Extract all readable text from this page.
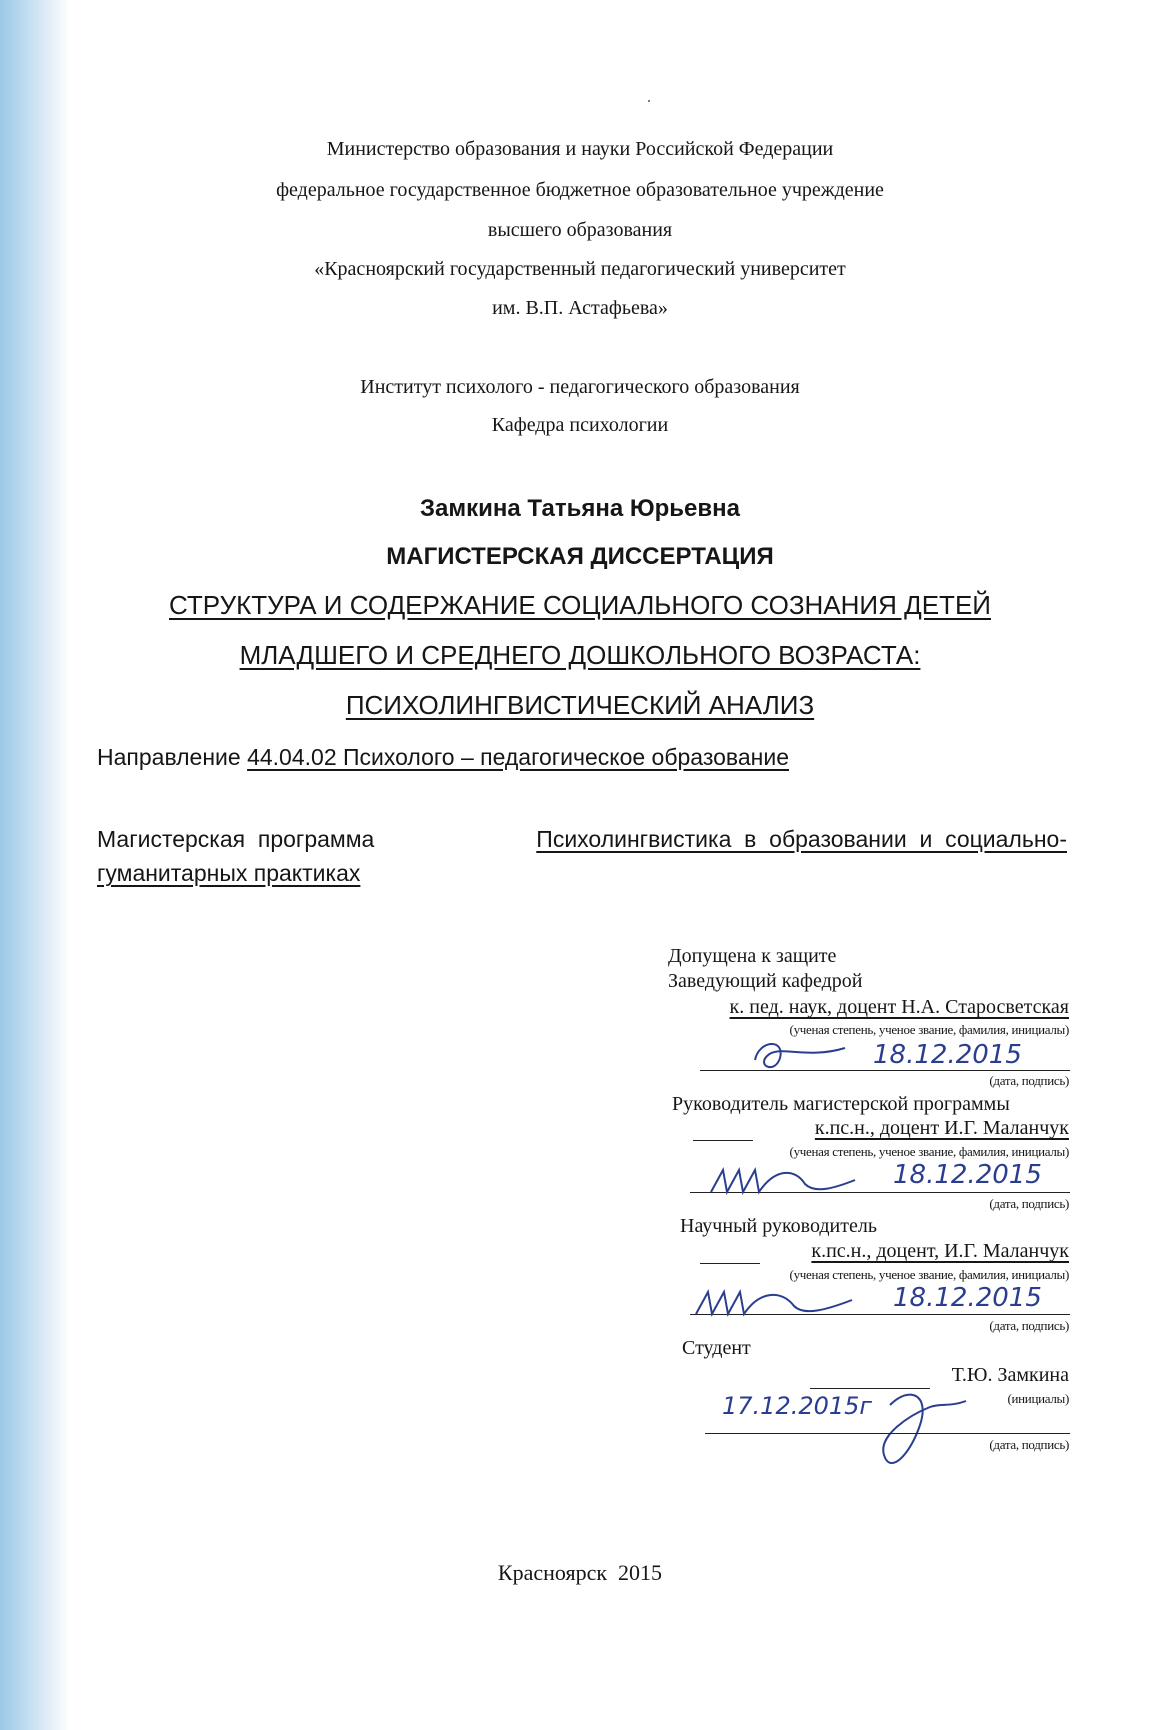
Министерство образования и науки Российской Федерации
федеральное государственное бюджетное образовательное учреждение
высшего образования
«Красноярский государственный педагогический университет
им. В.П. Астафьева»
Институт психолого - педагогического образования
Кафедра психологии
Замкина Татьяна Юрьевна
МАГИСТЕРСКАЯ ДИССЕРТАЦИЯ
СТРУКТУРА И СОДЕРЖАНИЕ СОЦИАЛЬНОГО СОЗНАНИЯ ДЕТЕЙ
МЛАДШЕГО И СРЕДНЕГО ДОШКОЛЬНОГО ВОЗРАСТА:
ПСИХОЛИНГВИСТИЧЕСКИЙ АНАЛИЗ
Направление 44.04.02 Психолого – педагогическое образование
Магистерская  программа	Психолингвистика  в  образовании  и  социально-
гуманитарных практиках
Допущена к защите
Заведующий кафедрой
к. пед. наук, доцент Н.А. Старосветская
(ученая степень, ученое звание, фамилия, инициалы)
18.12.2015
(дата, подпись)
Руководитель магистерской программы
к.пс.н., доцент И.Г. Маланчук
(ученая степень, ученое звание, фамилия, инициалы)
18.12.2015
(дата, подпись)
Научный руководитель
к.пс.н., доцент, И.Г. Маланчук
(ученая степень, ученое звание, фамилия, инициалы)
18.12.2015
(дата, подпись)
Студент
Т.Ю. Замкина
(инициалы)
17.12.2015г
(дата, подпись)
Красноярск  2015
